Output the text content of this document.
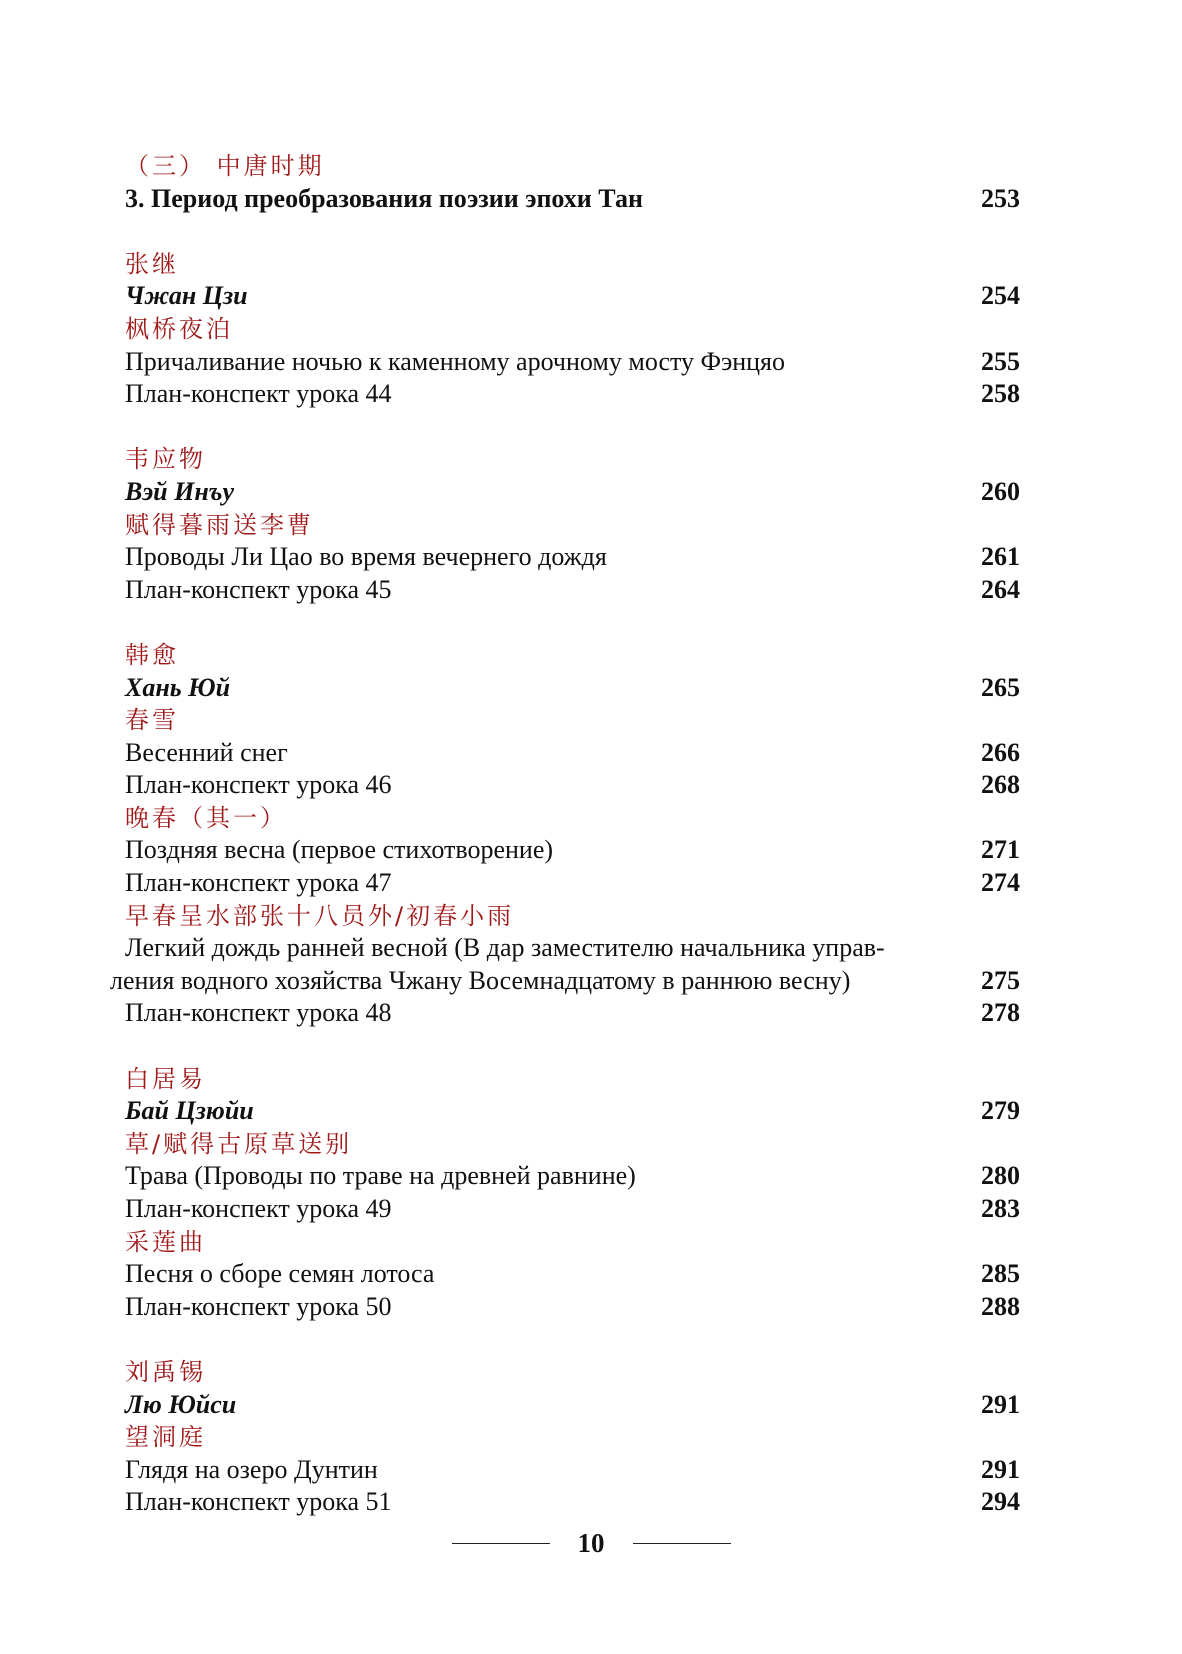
（三） 中唐时期
3. Период преобразования поэзии эпохи Тан	253
张继
Чжан Цзи	254
枫桥夜泊
Причаливание ночью к каменному арочному мосту Фэнцяо	255
План-конспект урока 44	258
韦应物
Вэй Инъу	260
赋得暮雨送李曹
Проводы Ли Цао во время вечернего дождя	261
План-конспект урока 45	264
韩愈
Хань Юй	265
春雪
Весенний снег	266
План-конспект урока 46	268
晚春（其一）
Поздняя весна (первое стихотворение)	271
План-конспект урока 47	274
早春呈水部张十八员外/初春小雨
Легкий дождь ранней весной (В дар заместителю начальника управ-
ления водного хозяйства Чжану Восемнадцатому в раннюю весну)	275
План-конспект урока 48	278
白居易
Бай Цзюйи	279
草/赋得古原草送别
Трава (Проводы по траве на древней равнине)	280
План-конспект урока 49	283
采莲曲
Песня о сборе семян лотоса	285
План-конспект урока 50	288
刘禹锡
Лю Юйси	291
望洞庭
Глядя на озеро Дунтин	291
План-конспект урока 51	294
10
